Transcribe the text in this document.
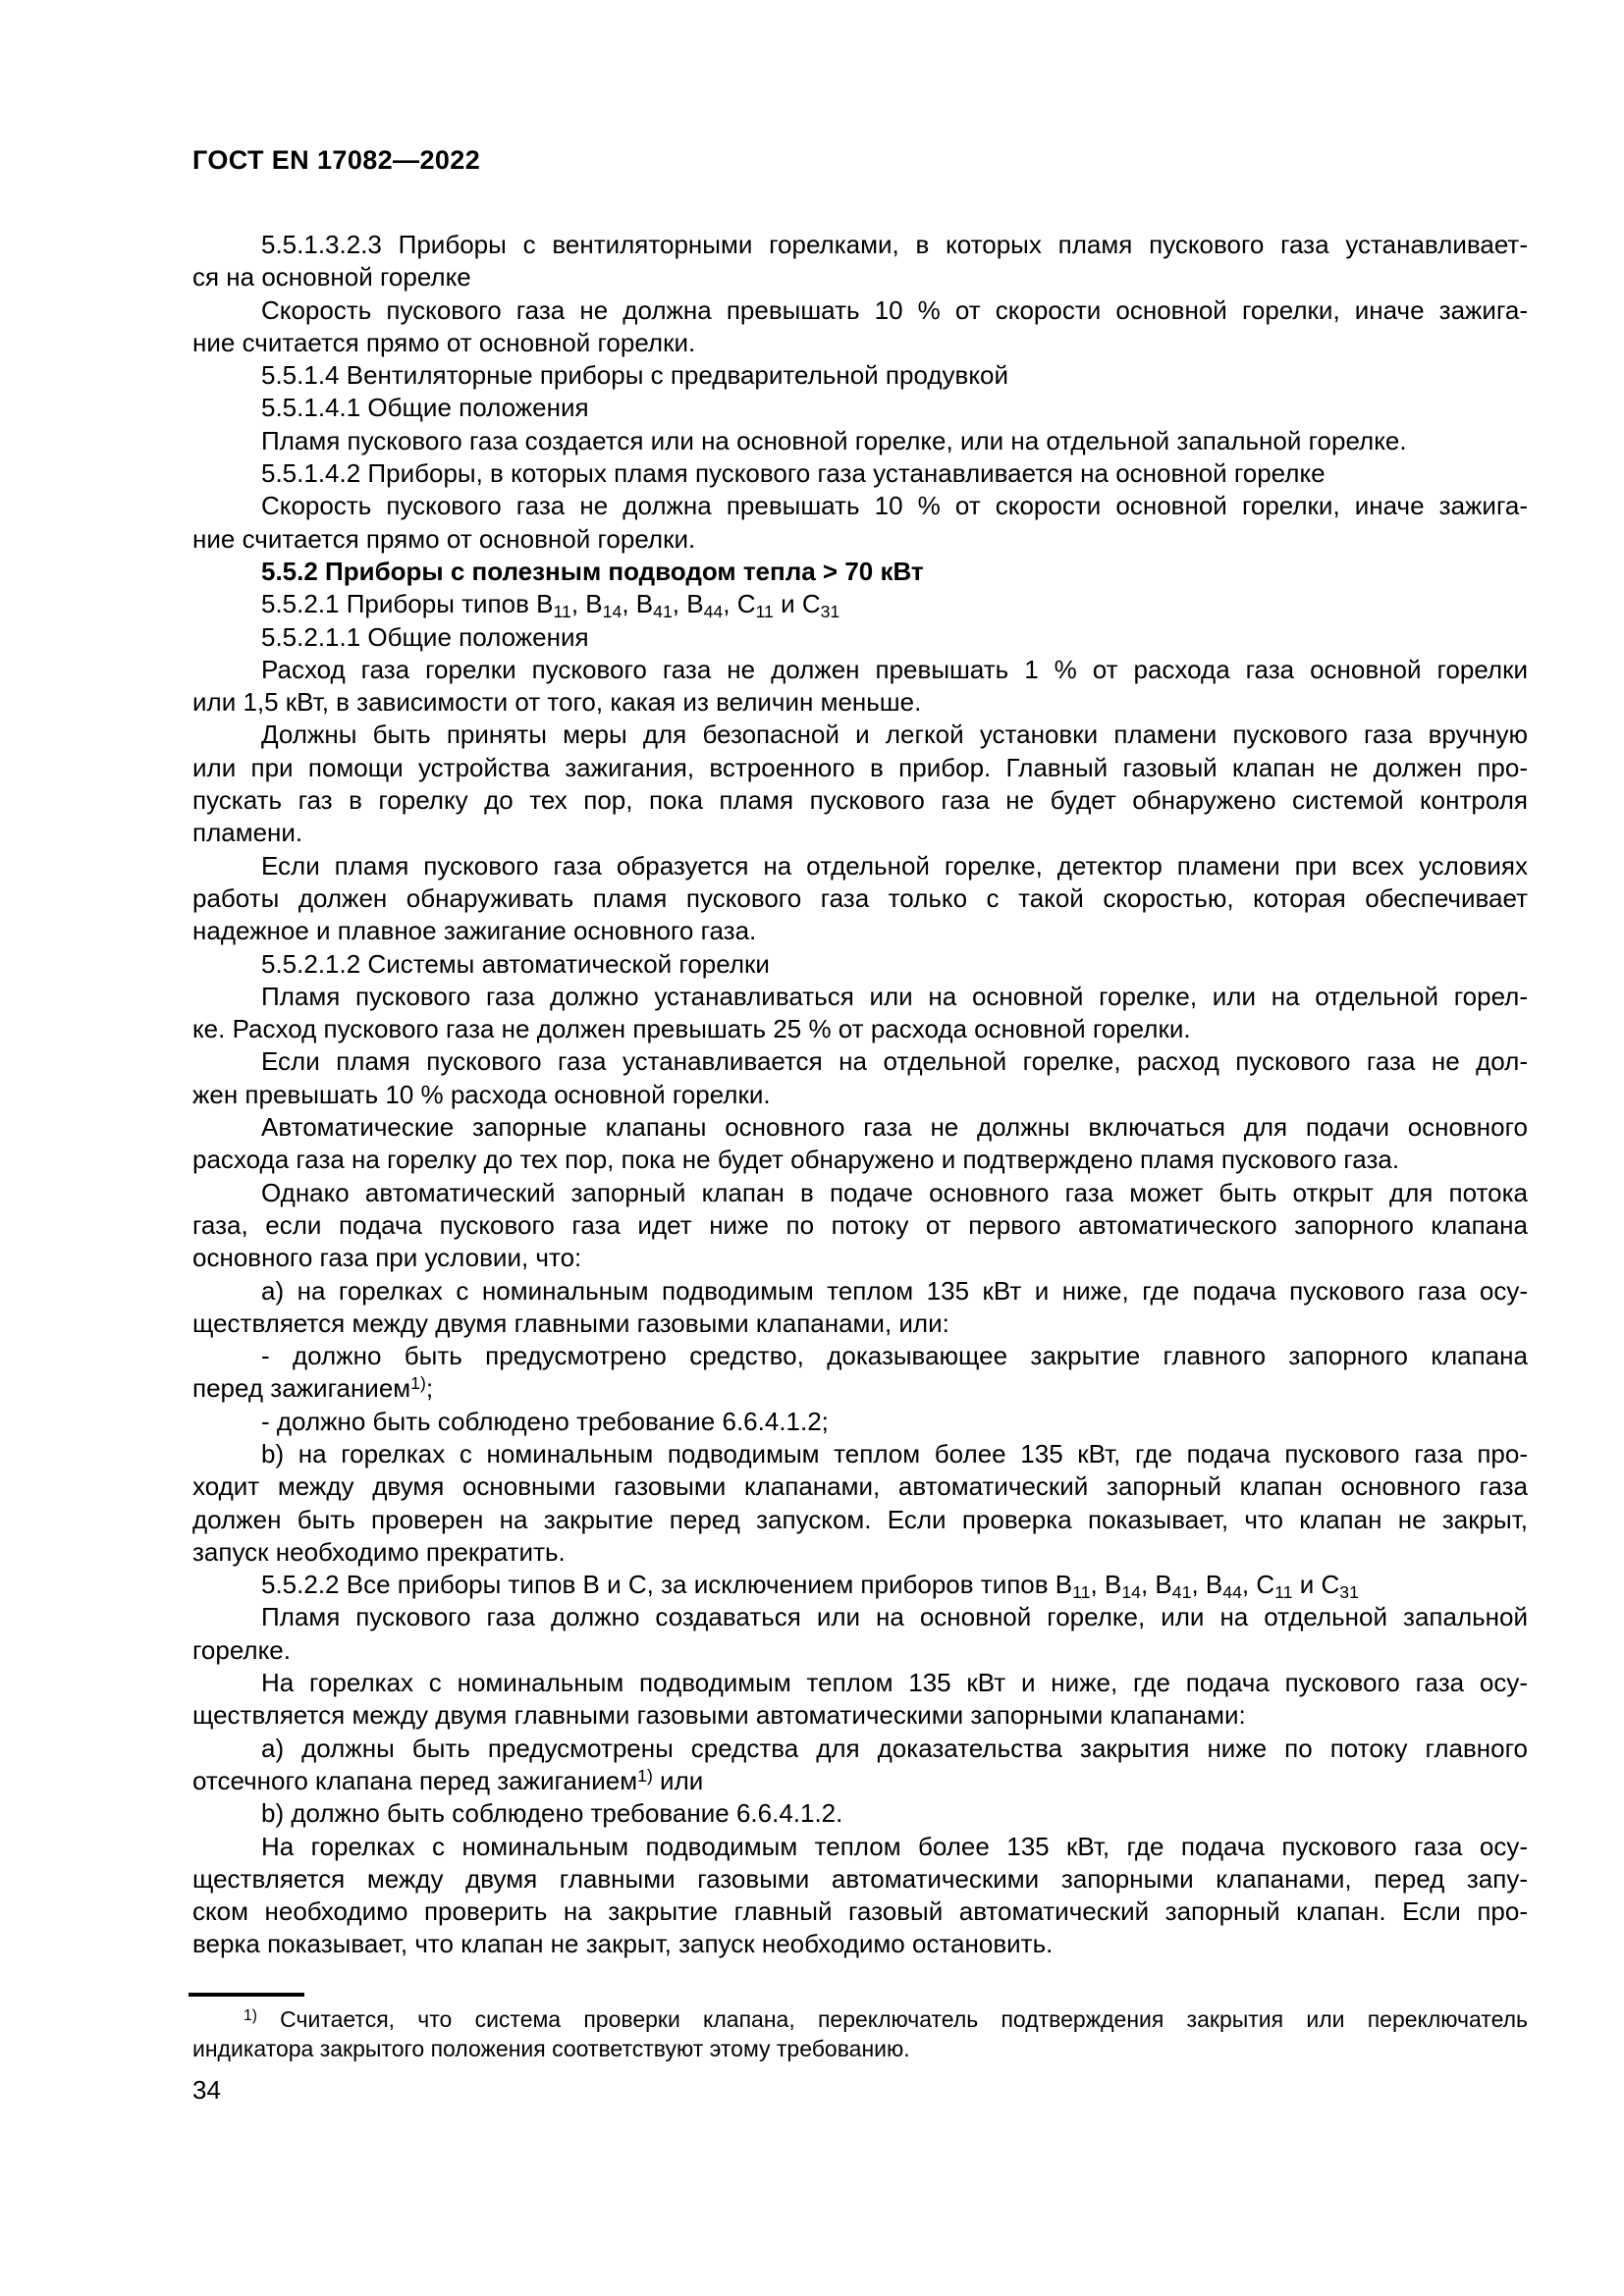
ГОСТ EN 17082—2022
5.5.1.3.2.3 Приборы с вентиляторными горелками, в которых пламя пускового газа устанавливает-
ся на основной горелке
Скорость пускового газа не должна превышать 10 % от скорости основной горелки, иначе зажига-
ние считается прямо от основной горелки.
5.5.1.4 Вентиляторные приборы с предварительной продувкой
5.5.1.4.1 Общие положения
Пламя пускового газа создается или на основной горелке, или на отдельной запальной горелке.
5.5.1.4.2 Приборы, в которых пламя пускового газа устанавливается на основной горелке
Скорость пускового газа не должна превышать 10 % от скорости основной горелки, иначе зажига-
ние считается прямо от основной горелки.
5.5.2 Приборы с полезным подводом тепла > 70 кВт
5.5.2.1 Приборы типов B11, B14, B41, B44, C11 и C31
5.5.2.1.1 Общие положения
Расход газа горелки пускового газа не должен превышать 1 % от расхода газа основной горелки
или 1,5 кВт, в зависимости от того, какая из величин меньше.
Должны быть приняты меры для безопасной и легкой установки пламени пускового газа вручную
или при помощи устройства зажигания, встроенного в прибор. Главный газовый клапан не должен про-
пускать газ в горелку до тех пор, пока пламя пускового газа не будет обнаружено системой контроля
пламени.
Если пламя пускового газа образуется на отдельной горелке, детектор пламени при всех условиях
работы должен обнаруживать пламя пускового газа только с такой скоростью, которая обеспечивает
надежное и плавное зажигание основного газа.
5.5.2.1.2 Системы автоматической горелки
Пламя пускового газа должно устанавливаться или на основной горелке, или на отдельной горел-
ке. Расход пускового газа не должен превышать 25 % от расхода основной горелки.
Если пламя пускового газа устанавливается на отдельной горелке, расход пускового газа не дол-
жен превышать 10 % расхода основной горелки.
Автоматические запорные клапаны основного газа не должны включаться для подачи основного
расхода газа на горелку до тех пор, пока не будет обнаружено и подтверждено пламя пускового газа.
Однако автоматический запорный клапан в подаче основного газа может быть открыт для потока
газа, если подача пускового газа идет ниже по потоку от первого автоматического запорного клапана
основного газа при условии, что:
a) на горелках с номинальным подводимым теплом 135 кВт и ниже, где подача пускового газа осу-
ществляется между двумя главными газовыми клапанами, или:
- должно быть предусмотрено средство, доказывающее закрытие главного запорного клапана
перед зажиганием$^{1)}$;
- должно быть соблюдено требование 6.6.4.1.2;
b) на горелках с номинальным подводимым теплом более 135 кВт, где подача пускового газа про-
ходит между двумя основными газовыми клапанами, автоматический запорный клапан основного газа
должен быть проверен на закрытие перед запуском. Если проверка показывает, что клапан не закрыт,
запуск необходимо прекратить.
5.5.2.2 Все приборы типов B и C, за исключением приборов типов B11, B14, B41, B44, C11 и C31
Пламя пускового газа должно создаваться или на основной горелке, или на отдельной запальной
горелке.
На горелках с номинальным подводимым теплом 135 кВт и ниже, где подача пускового газа осу-
ществляется между двумя главными газовыми автоматическими запорными клапанами:
a) должны быть предусмотрены средства для доказательства закрытия ниже по потоку главного
отсечного клапана перед зажиганием$^{1)}$ или
b) должно быть соблюдено требование 6.6.4.1.2.
На горелках с номинальным подводимым теплом более 135 кВт, где подача пускового газа осу-
ществляется между двумя главными газовыми автоматическими запорными клапанами, перед запу-
ском необходимо проверить на закрытие главный газовый автоматический запорный клапан. Если про-
верка показывает, что клапан не закрыт, запуск необходимо остановить.
$^{1)}$ Считается, что система проверки клапана, переключатель подтверждения закрытия или переключатель
индикатора закрытого положения соответствуют этому требованию.
34
